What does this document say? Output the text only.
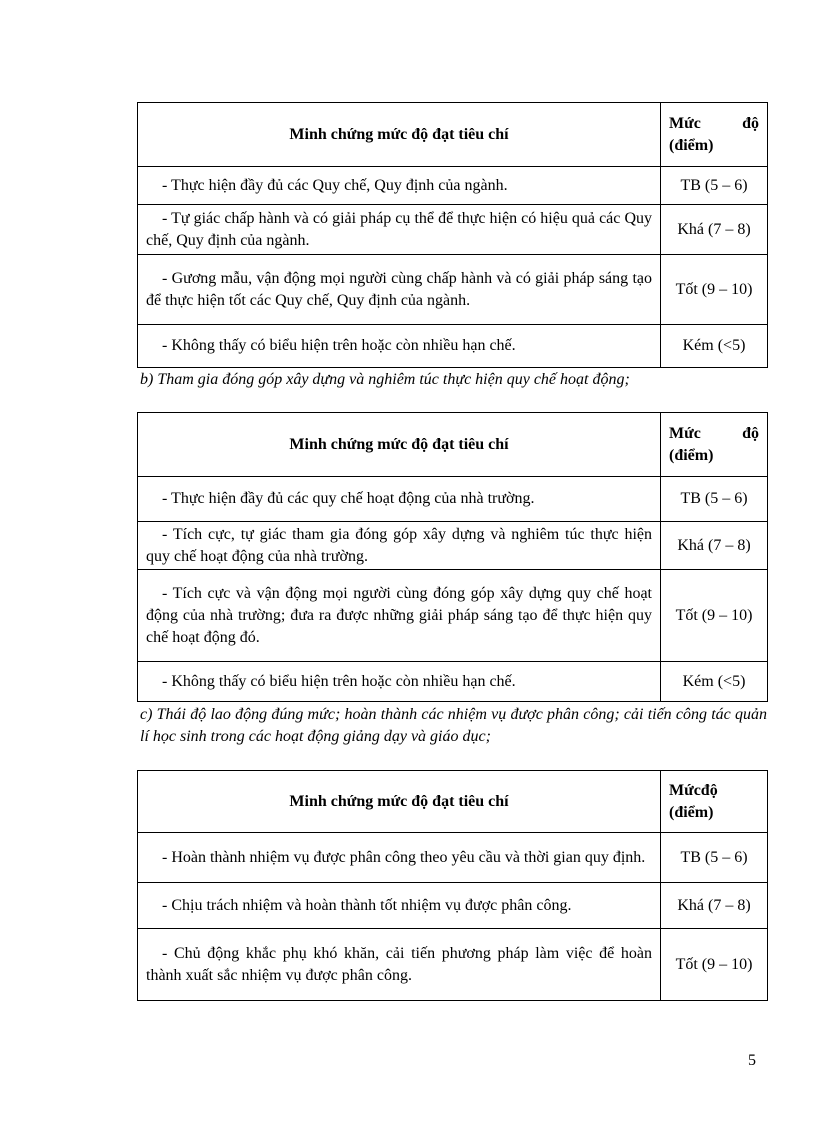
Minh chứng mức độ đạt tiêu chí	Mức độ
(điểm)

- Thực hiện đầy đủ các Quy chế, Quy định của ngành.	TB (5 – 6)
- Tự giác chấp hành và có giải pháp cụ thể để thực hiện có hiệu quả các Quy chế, Quy định của ngành.	Khá (7 – 8)
- Gương mẫu, vận động mọi người cùng chấp hành và có giải pháp sáng tạo để thực hiện tốt các Quy chế, Quy định của ngành.	Tốt (9 – 10)
- Không thấy có biểu hiện trên hoặc còn nhiều hạn chế.	Kém (<5)
b) Tham gia đóng góp xây dựng và nghiêm túc thực hiện quy chế hoạt động;
Minh chứng mức độ đạt tiêu chí	Mức độ
(điểm)

- Thực hiện đầy đủ các quy chế hoạt động của nhà trường.	TB (5 – 6)
- Tích cực, tự giác tham gia đóng góp xây dựng và nghiêm túc thực hiện quy chế hoạt động của nhà trường.	Khá (7 – 8)
- Tích cực và vận động mọi người cùng đóng góp xây dựng quy chế hoạt động của nhà trường; đưa ra được những giải pháp sáng tạo để thực hiện quy chế hoạt động đó.	Tốt (9 – 10)
- Không thấy có biểu hiện trên hoặc còn nhiều hạn chế.	Kém (<5)
c) Thái độ lao động đúng mức; hoàn thành các nhiệm vụ được phân công; cải tiến công tác quản lí học sinh trong các hoạt động giảng dạy và giáo dục;
Minh chứng mức độ đạt tiêu chí	Mứcđộ
(điểm)

- Hoàn thành nhiệm vụ được phân công theo yêu cầu và thời gian quy định.	TB (5 – 6)
- Chịu trách nhiệm và hoàn thành tốt nhiệm vụ được phân công.	Khá (7 – 8)
- Chủ động khắc phụ khó khăn, cải tiến phương pháp làm việc để hoàn thành xuất sắc nhiệm vụ được phân công.	Tốt (9 – 10)
5
